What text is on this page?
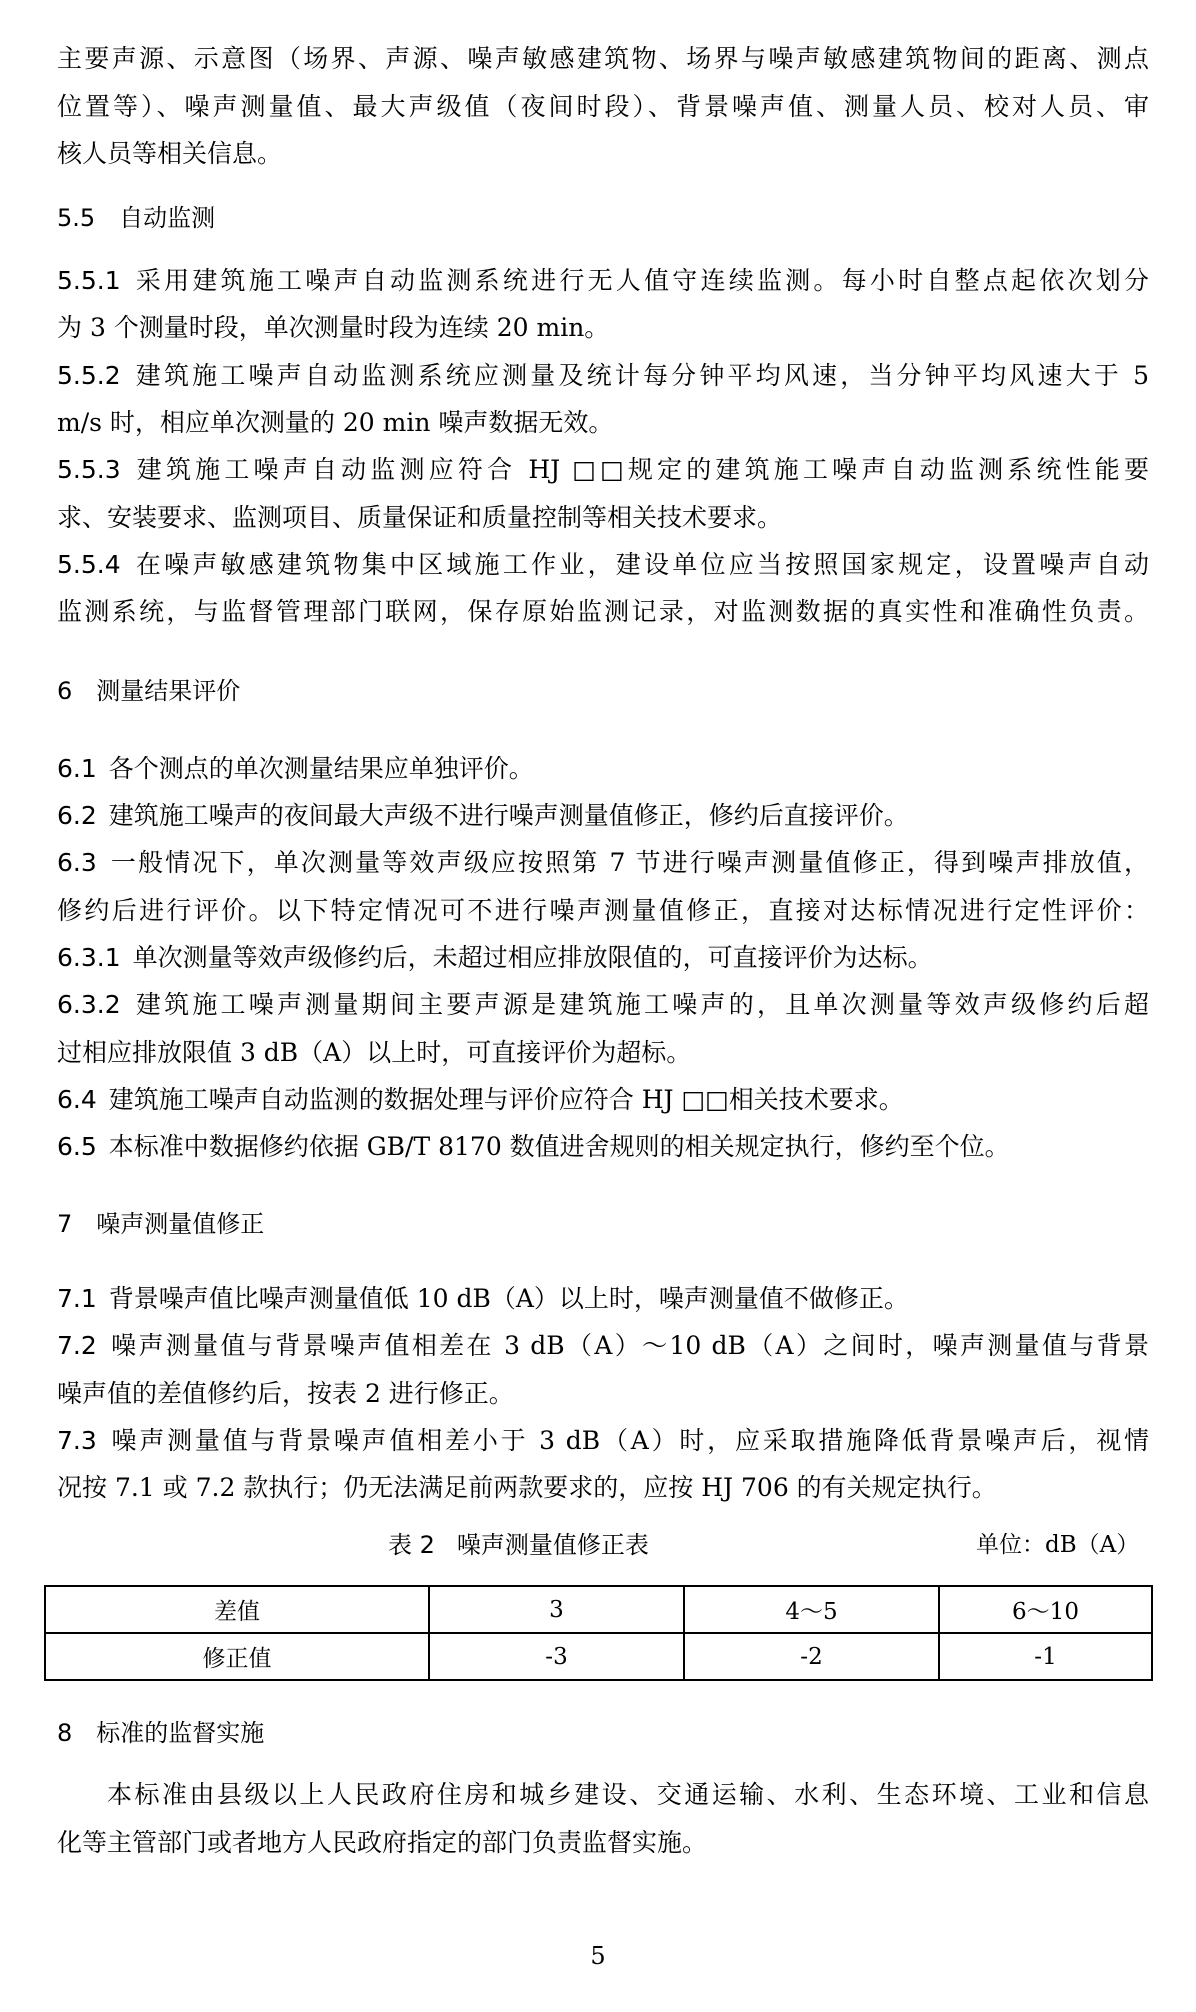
主要声源、示意图（场界、声源、噪声敏感建筑物、场界与噪声敏感建筑物间的距离、测点
位置等）、噪声测量值、最大声级值（夜间时段）、背景噪声值、测量人员、校对人员、审
核人员等相关信息。
5.5 自动监测
5.5.1 采用建筑施工噪声自动监测系统进行无人值守连续监测。每小时自整点起依次划分
为 3 个测量时段，单次测量时段为连续 20 min。
5.5.2 建筑施工噪声自动监测系统应测量及统计每分钟平均风速，当分钟平均风速大于 5
m/s 时，相应单次测量的 20 min 噪声数据无效。
5.5.3 建筑施工噪声自动监测应符合 HJ □□规定的建筑施工噪声自动监测系统性能要
求、安装要求、监测项目、质量保证和质量控制等相关技术要求。
5.5.4 在噪声敏感建筑物集中区域施工作业，建设单位应当按照国家规定，设置噪声自动
监测系统，与监督管理部门联网，保存原始监测记录，对监测数据的真实性和准确性负责。
6 测量结果评价
6.1 各个测点的单次测量结果应单独评价。
6.2 建筑施工噪声的夜间最大声级不进行噪声测量值修正，修约后直接评价。
6.3 一般情况下，单次测量等效声级应按照第 7 节进行噪声测量值修正，得到噪声排放值，
修约后进行评价。以下特定情况可不进行噪声测量值修正，直接对达标情况进行定性评价：
6.3.1 单次测量等效声级修约后，未超过相应排放限值的，可直接评价为达标。
6.3.2 建筑施工噪声测量期间主要声源是建筑施工噪声的，且单次测量等效声级修约后超
过相应排放限值 3 dB（A）以上时，可直接评价为超标。
6.4 建筑施工噪声自动监测的数据处理与评价应符合 HJ □□相关技术要求。
6.5 本标准中数据修约依据 GB/T 8170 数值进舍规则的相关规定执行，修约至个位。
7 噪声测量值修正
7.1 背景噪声值比噪声测量值低 10 dB（A）以上时，噪声测量值不做修正。
7.2 噪声测量值与背景噪声值相差在 3 dB（A）～10 dB（A）之间时，噪声测量值与背景
噪声值的差值修约后，按表 2 进行修正。
7.3 噪声测量值与背景噪声值相差小于 3 dB（A）时，应采取措施降低背景噪声后，视情
况按 7.1 或 7.2 款执行；仍无法满足前两款要求的，应按 HJ 706 的有关规定执行。
表 2 噪声测量值修正表	单位：dB（A）
差值	3	4～5	6～10
修正值	-3	-2	-1
8 标准的监督实施
本标准由县级以上人民政府住房和城乡建设、交通运输、水利、生态环境、工业和信息
化等主管部门或者地方人民政府指定的部门负责监督实施。
5
